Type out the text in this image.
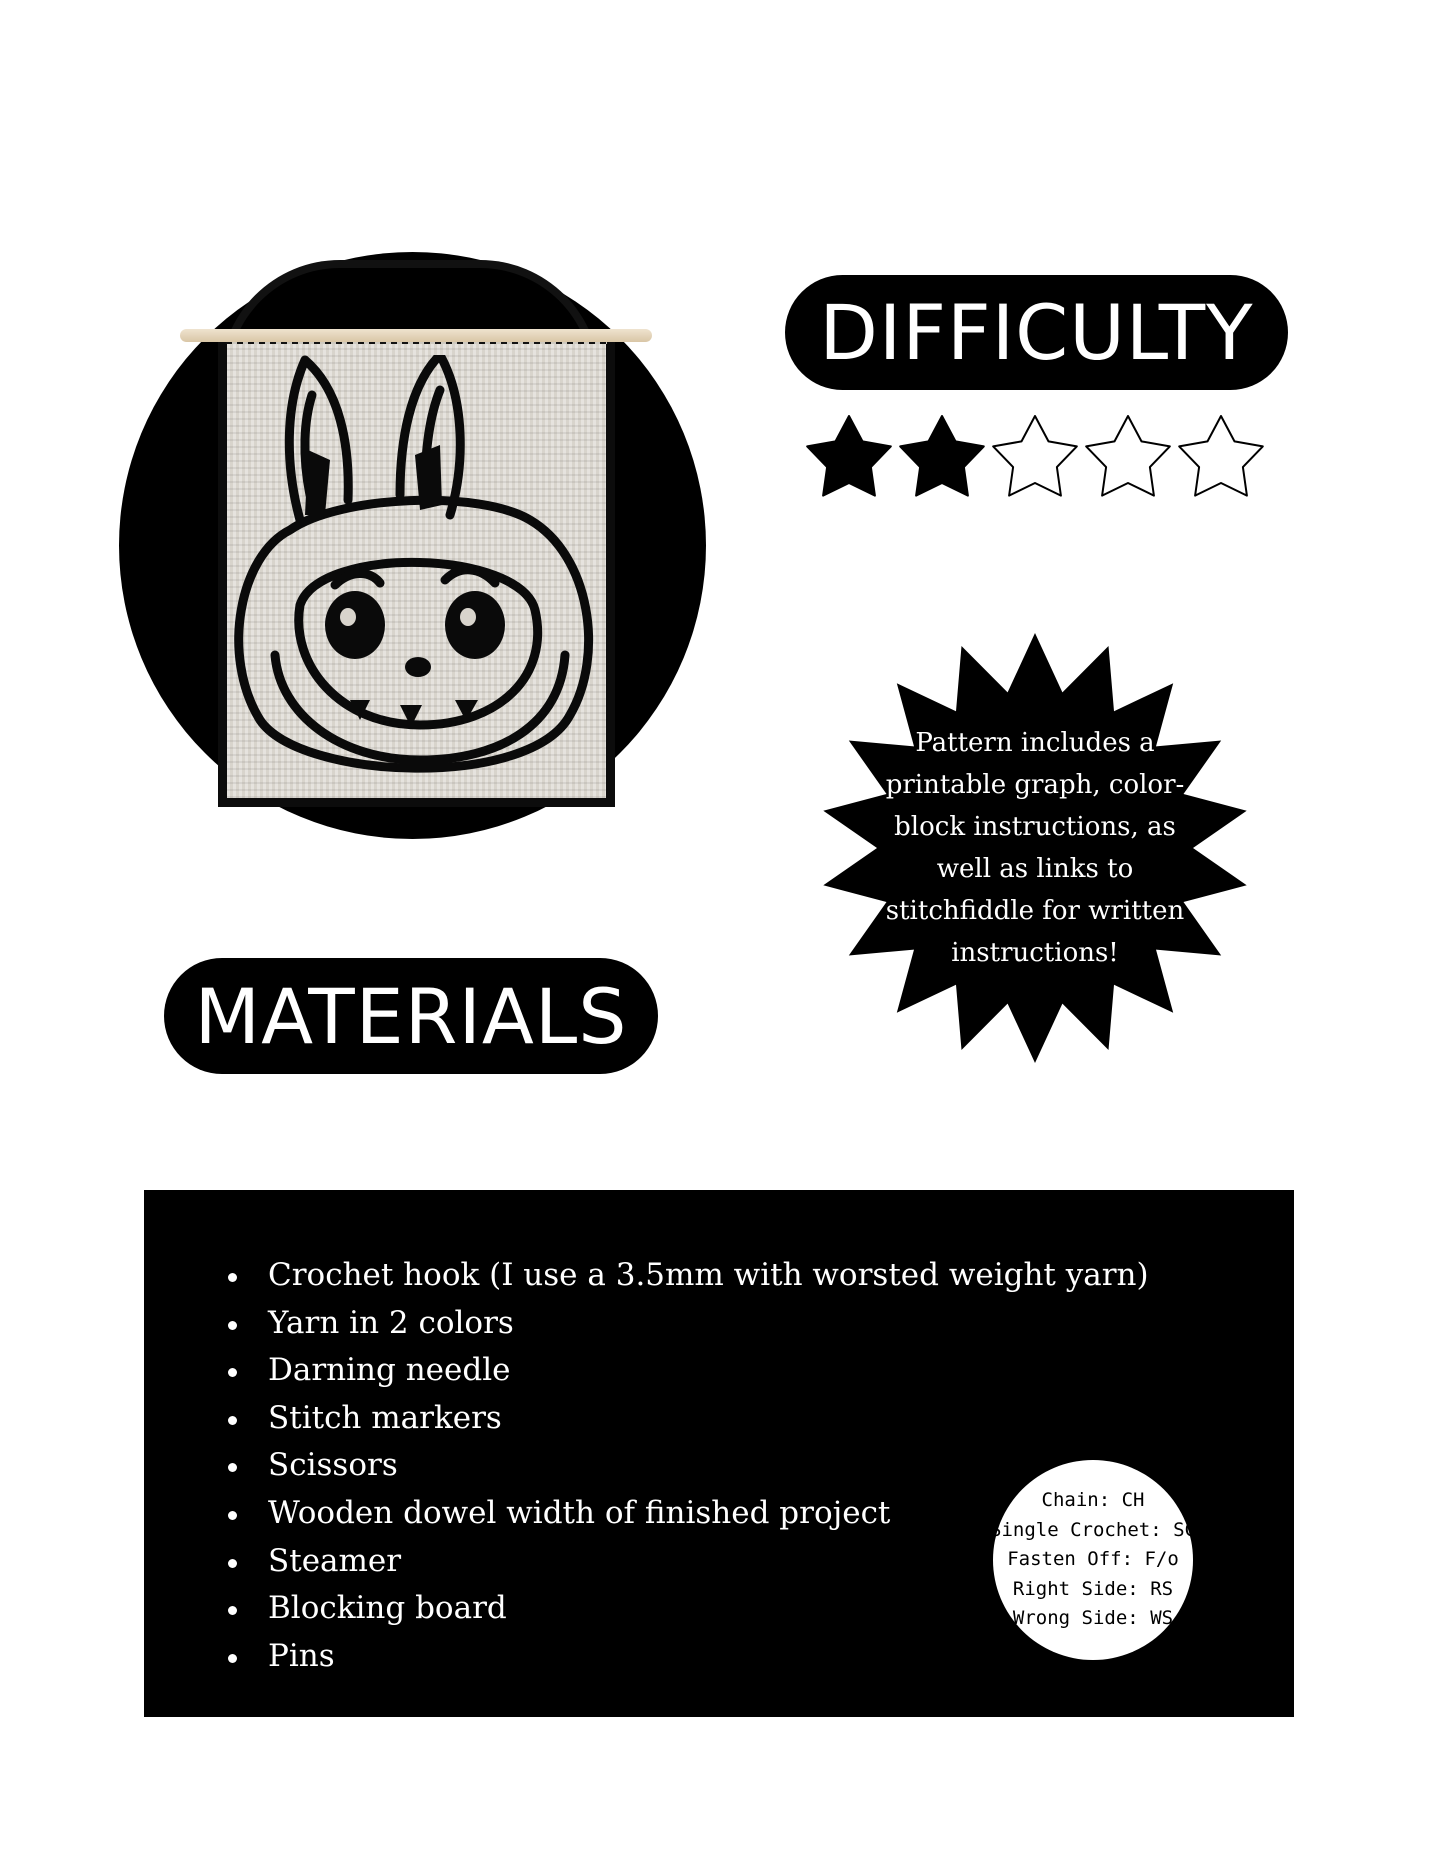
DIFFICULTY
Pattern includes a printable graph, color-block instructions, as well as links to stitchfiddle for written instructions!
MATERIALS
Crochet hook (I use a 3.5mm with worsted weight yarn)
Yarn in 2 colors
Darning needle
Stitch markers
Scissors
Wooden dowel width of finished project
Steamer
Blocking board
Pins
Chain: CH
Single Crochet: SC
Fasten Off: F/o
Right Side: RS
Wrong Side: WS
